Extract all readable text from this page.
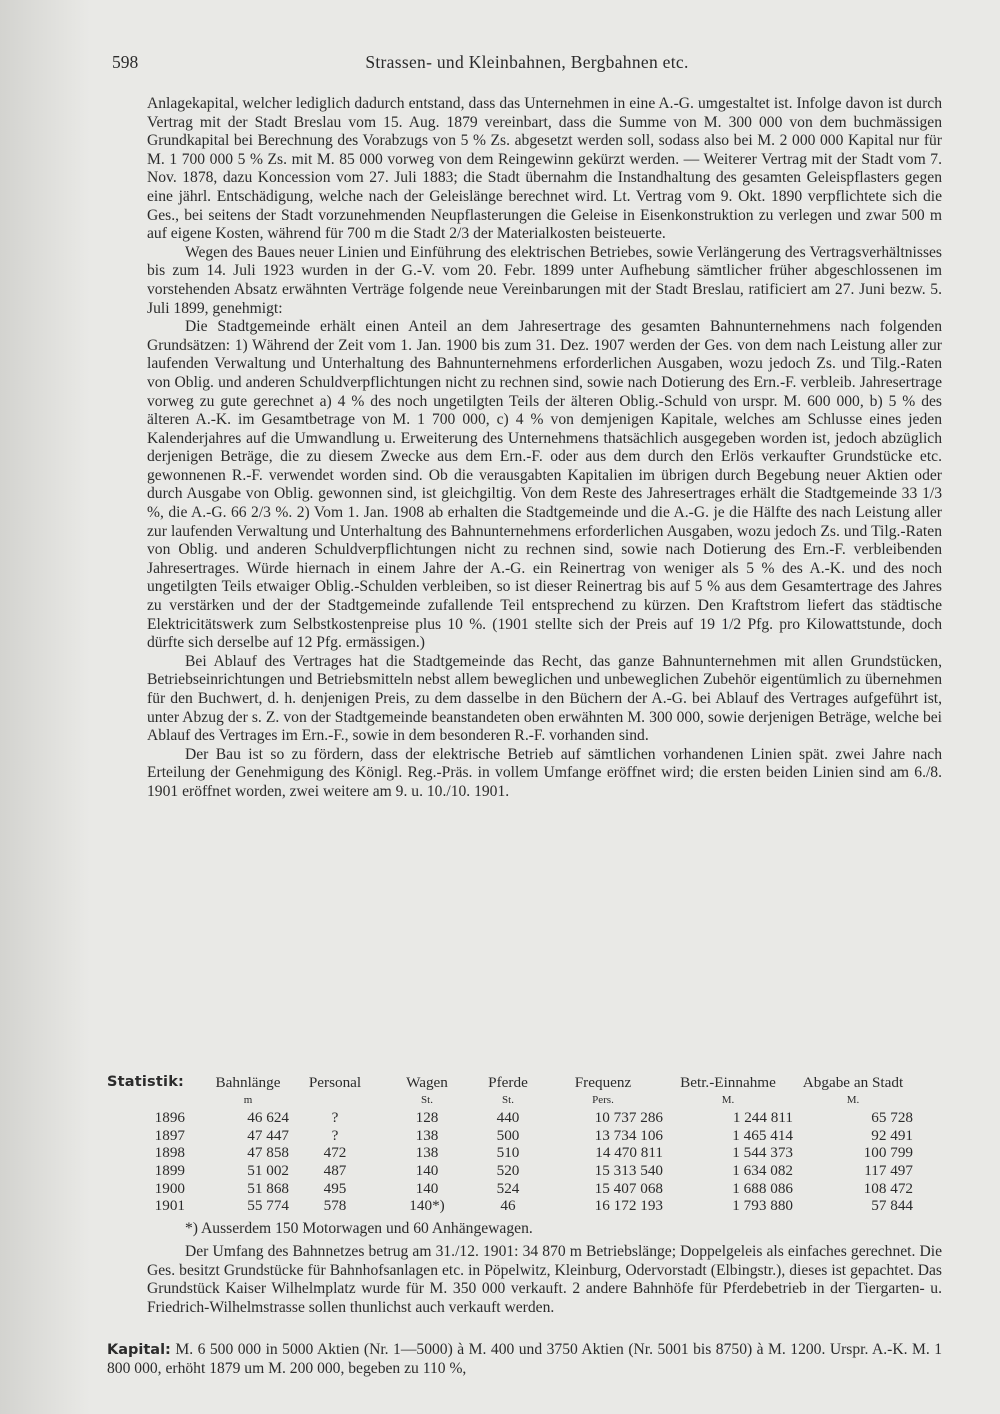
598	Strassen- und Kleinbahnen, Bergbahnen etc.

Anlagekapital, welcher lediglich dadurch entstand, dass das Unternehmen in eine A.-G. umgestaltet ist. Infolge davon ist durch Vertrag mit der Stadt Breslau vom 15. Aug. 1879 vereinbart, dass die Summe von M. 300 000 von dem buchmässigen Grundkapital bei Berechnung des Vorabzugs von 5 % Zs. abgesetzt werden soll, sodass also bei M. 2 000 000 Kapital nur für M. 1 700 000 5 % Zs. mit M. 85 000 vorweg von dem Reingewinn gekürzt werden. — Weiterer Vertrag mit der Stadt vom 7. Nov. 1878, dazu Koncession vom 27. Juli 1883; die Stadt übernahm die Instandhaltung des gesamten Geleispflasters gegen eine jährl. Entschädigung, welche nach der Geleislänge berechnet wird. Lt. Vertrag vom 9. Okt. 1890 verpflichtete sich die Ges., bei seitens der Stadt vorzunehmenden Neupflasterungen die Geleise in Eisenkonstruktion zu verlegen und zwar 500 m auf eigene Kosten, während für 700 m die Stadt 2/3 der Materialkosten beisteuerte.

Wegen des Baues neuer Linien und Einführung des elektrischen Betriebes, sowie Verlängerung des Vertragsverhältnisses bis zum 14. Juli 1923 wurden in der G.-V. vom 20. Febr. 1899 unter Aufhebung sämtlicher früher abgeschlossenen im vorstehenden Absatz erwähnten Verträge folgende neue Vereinbarungen mit der Stadt Breslau, ratificiert am 27. Juni bezw. 5. Juli 1899, genehmigt:

Die Stadtgemeinde erhält einen Anteil an dem Jahresertrage des gesamten Bahnunternehmens nach folgenden Grundsätzen: 1) Während der Zeit vom 1. Jan. 1900 bis zum 31. Dez. 1907 werden der Ges. von dem nach Leistung aller zur laufenden Verwaltung und Unterhaltung des Bahnunternehmens erforderlichen Ausgaben, wozu jedoch Zs. und Tilg.-Raten von Oblig. und anderen Schuldverpflichtungen nicht zu rechnen sind, sowie nach Dotierung des Ern.-F. verbleib. Jahresertrage vorweg zu gute gerechnet a) 4 % des noch ungetilgten Teils der älteren Oblig.-Schuld von urspr. M. 600 000, b) 5 % des älteren A.-K. im Gesamtbetrage von M. 1 700 000, c) 4 % von demjenigen Kapitale, welches am Schlusse eines jeden Kalenderjahres auf die Umwandlung u. Erweiterung des Unternehmens thatsächlich ausgegeben worden ist, jedoch abzüglich derjenigen Beträge, die zu diesem Zwecke aus dem Ern.-F. oder aus dem durch den Erlös verkaufter Grundstücke etc. gewonnenen R.-F. verwendet worden sind. Ob die verausgabten Kapitalien im übrigen durch Begebung neuer Aktien oder durch Ausgabe von Oblig. gewonnen sind, ist gleichgiltig. Von dem Reste des Jahresertrages erhält die Stadtgemeinde 33 1/3 %, die A.-G. 66 2/3 %. 2) Vom 1. Jan. 1908 ab erhalten die Stadtgemeinde und die A.-G. je die Hälfte des nach Leistung aller zur laufenden Verwaltung und Unterhaltung des Bahnunternehmens erforderlichen Ausgaben, wozu jedoch Zs. und Tilg.-Raten von Oblig. und anderen Schuldverpflichtungen nicht zu rechnen sind, sowie nach Dotierung des Ern.-F. verbleibenden Jahresertrages. Würde hiernach in einem Jahre der A.-G. ein Reinertrag von weniger als 5 % des A.-K. und des noch ungetilgten Teils etwaiger Oblig.-Schulden verbleiben, so ist dieser Reinertrag bis auf 5 % aus dem Gesamtertrage des Jahres zu verstärken und der der Stadtgemeinde zufallende Teil entsprechend zu kürzen. Den Kraftstrom liefert das städtische Elektricitätswerk zum Selbstkostenpreise plus 10 %. (1901 stellte sich der Preis auf 19 1/2 Pfg. pro Kilowattstunde, doch dürfte sich derselbe auf 12 Pfg. ermässigen.)

Bei Ablauf des Vertrages hat die Stadtgemeinde das Recht, das ganze Bahnunternehmen mit allen Grundstücken, Betriebseinrichtungen und Betriebsmitteln nebst allem beweglichen und unbeweglichen Zubehör eigentümlich zu übernehmen für den Buchwert, d. h. denjenigen Preis, zu dem dasselbe in den Büchern der A.-G. bei Ablauf des Vertrages aufgeführt ist, unter Abzug der s. Z. von der Stadtgemeinde beanstandeten oben erwähnten M. 300 000, sowie derjenigen Beträge, welche bei Ablauf des Vertrages im Ern.-F., sowie in dem besonderen R.-F. vorhanden sind.

Der Bau ist so zu fördern, dass der elektrische Betrieb auf sämtlichen vorhandenen Linien spät. zwei Jahre nach Erteilung der Genehmigung des Königl. Reg.-Präs. in vollem Umfange eröffnet wird; die ersten beiden Linien sind am 6./8. 1901 eröffnet worden, zwei weitere am 9. u. 10./10. 1901.

Statistik:	Bahnlänge	Personal	Wagen	Pferde	Frequenz	Betr.-Einnahme	Abgabe an Stadt
	m		St.	St.	Pers.	M.	M.
1896	46 624	?	128	440	10 737 286	1 244 811	65 728
1897	47 447	?	138	500	13 734 106	1 465 414	92 491
1898	47 858	472	138	510	14 470 811	1 544 373	100 799
1899	51 002	487	140	520	15 313 540	1 634 082	117 497
1900	51 868	495	140	524	15 407 068	1 688 086	108 472
1901	55 774	578	140*)	46	16 172 193	1 793 880	57 844
*) Ausserdem 150 Motorwagen und 60 Anhängewagen.

Der Umfang des Bahnnetzes betrug am 31./12. 1901: 34 870 m Betriebslänge; Doppelgeleis als einfaches gerechnet. Die Ges. besitzt Grundstücke für Bahnhofsanlagen etc. in Pöpelwitz, Kleinburg, Odervorstadt (Elbingstr.), dieses ist gepachtet. Das Grundstück Kaiser Wilhelmplatz wurde für M. 350 000 verkauft. 2 andere Bahnhöfe für Pferdebetrieb in der Tiergarten- u. Friedrich-Wilhelmstrasse sollen thunlichst auch verkauft werden.

Kapital: M. 6 500 000 in 5000 Aktien (Nr. 1—5000) à M. 400 und 3750 Aktien (Nr. 5001 bis 8750) à M. 1200. Urspr. A.-K. M. 1 800 000, erhöht 1879 um M. 200 000, begeben zu 110 %,
